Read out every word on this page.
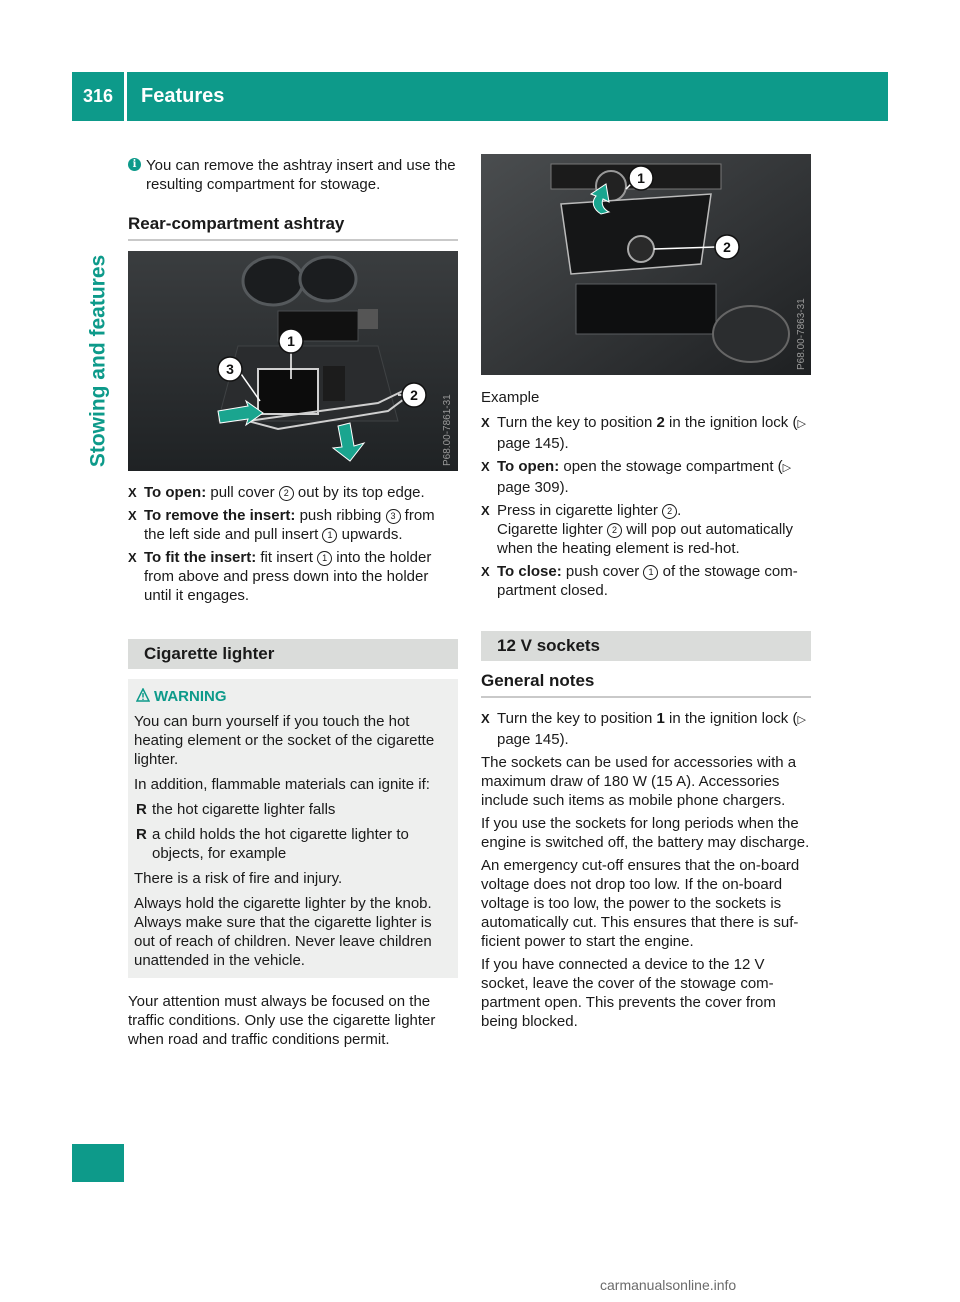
316	Features
Stowing and features

i You can remove the ashtray insert and use the resulting compartment for stowage.

Rear-compartment ashtray
1
2
3
P68.00-7861-31
X To open: pull cover 2 out by its top edge.
X To remove the insert: push ribbing 3 from the left side and pull insert 1 upwards.
X To fit the insert: fit insert 1 into the holder from above and press down into the holder until it engages.
Cigarette lighter

WARNING

You can burn yourself if you touch the hot heating element or the socket of the cigarette lighter.

In addition, flammable materials can ignite if:

R the hot cigarette lighter falls
R a child holds the hot cigarette lighter to objects, for example

There is a risk of fire and injury.

Always hold the cigarette lighter by the knob. Always make sure that the cigarette lighter is out of reach of children. Never leave children unattended in the vehicle.

Your attention must always be focused on the traffic conditions. Only use the cigarette lighter when road and traffic conditions permit.

1
2
P68.00-7863-31

Example

X Turn the key to position 2 in the ignition lock (▷ page 145).
X To open: open the stowage compartment (▷ page 309).
X Press in cigarette lighter 2 .
Cigarette lighter 2 will pop out automatically when the heating element is red-hot.
X To close: push cover 1 of the stowage compartment closed.
12 V sockets
General notes
X Turn the key to position 1 in the ignition lock (▷ page 145).

The sockets can be used for accessories with a maximum draw of 180 W (15 A). Accessories include such items as mobile phone chargers.

If you use the sockets for long periods when the engine is switched off, the battery may discharge.

An emergency cut-off ensures that the on-board voltage does not drop too low. If the on-board voltage is too low, the power to the sockets is automatically cut. This ensures that there is sufficient power to start the engine.

If you have connected a device to the 12 V socket, leave the cover of the stowage compartment open. This prevents the cover from being blocked.

carmanualsonline.info
